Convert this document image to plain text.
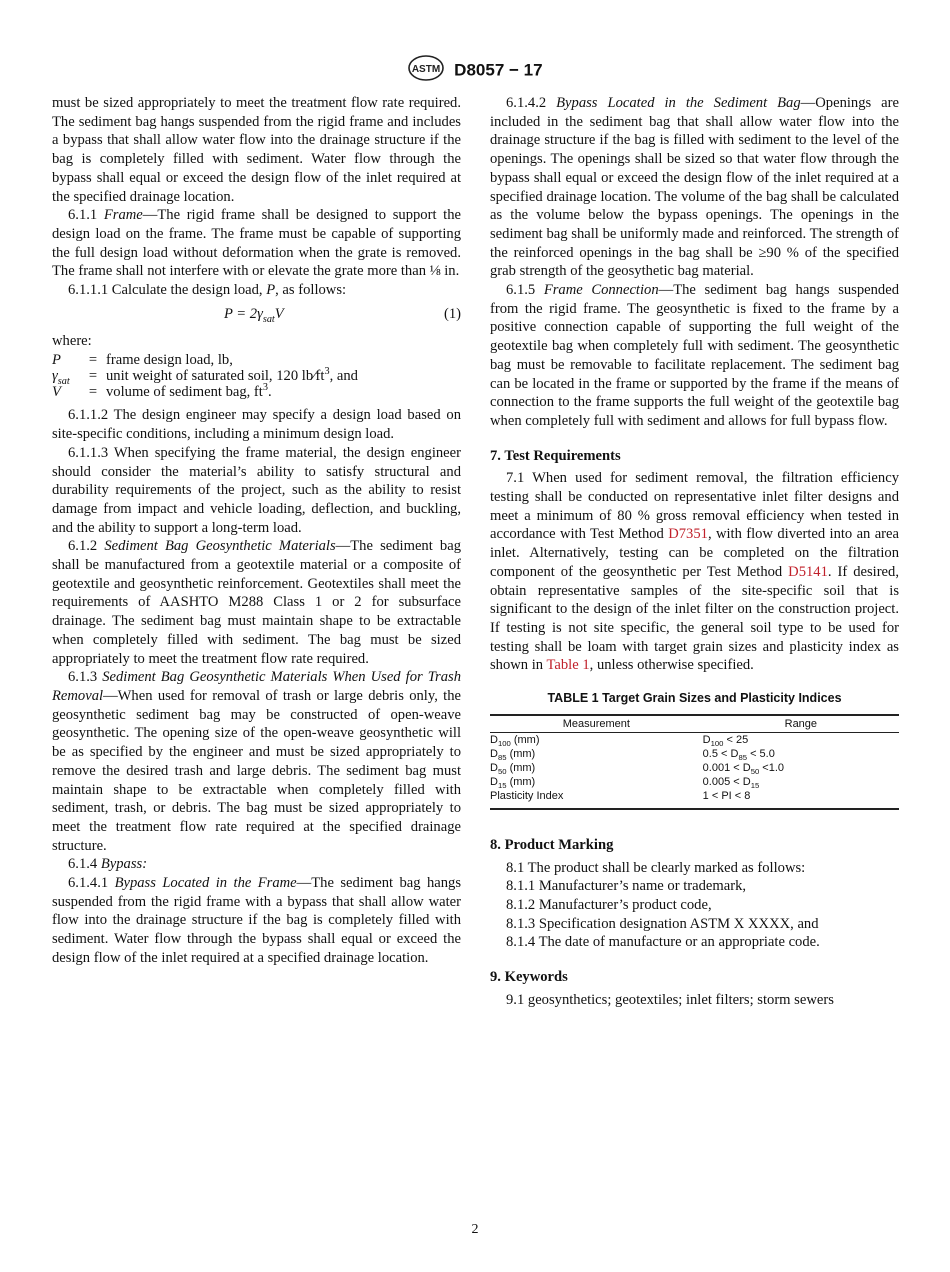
ASTM D8057 − 17

must be sized appropriately to meet the treatment flow rate required. The sediment bag hangs suspended from the rigid frame and includes a bypass that shall allow water flow into the drainage structure if the bag is completely filled with sediment. Water flow through the bypass shall equal or exceed the design flow of the inlet required at the specified drainage location.

6.1.1 Frame—The rigid frame shall be designed to support the design load on the frame. The frame must be capable of supporting the full design load without deformation when the grate is removed. The frame shall not interfere with or elevate the grate more than ⅛ in.

6.1.1.1 Calculate the design load, P, as follows:

$P = 2\gamma_{sat}V$	(1)

where:

P	=	frame design load, lb,
$\gamma_{sat}$	=	unit weight of saturated soil, 120 $lb⁄ft^3$, and
V	=	volume of sediment bag, $ft^3$.

6.1.1.2 The design engineer may specify a design load based on site-specific conditions, including a minimum design load.

6.1.1.3 When specifying the frame material, the design engineer should consider the material’s ability to satisfy structural and durability requirements of the project, such as the ability to resist damage from impact and vehicle loading, deflection, and buckling, and the ability to support a long-term load.

6.1.2 Sediment Bag Geosynthetic Materials—The sediment bag shall be manufactured from a geotextile material or a composite of geotextile and geosynthetic reinforcement. Geotextiles shall meet the requirements of AASHTO M288 Class 1 or 2 for subsurface drainage. The sediment bag must maintain shape to be extractable when completely filled with sediment. The bag must be sized appropriately to meet the treatment flow rate required.

6.1.3 Sediment Bag Geosynthetic Materials When Used for Trash Removal—When used for removal of trash or large debris only, the geosynthetic sediment bag may be constructed of open-weave geosynthetic. The opening size of the open-weave geosynthetic will be as specified by the engineer and must be sized appropriately to remove the desired trash and large debris. The sediment bag must maintain shape to be extractable when completely filled with sediment, trash, or debris. The bag must be sized appropriately to meet the treatment flow rate required at the specified drainage structure.

6.1.4 Bypass:

6.1.4.1 Bypass Located in the Frame—The sediment bag hangs suspended from the rigid frame with a bypass that shall allow water flow into the drainage structure if the bag is completely filled with sediment. Water flow through the bypass shall equal or exceed the design flow of the inlet required at a specified drainage location.

6.1.4.2 Bypass Located in the Sediment Bag—Openings are included in the sediment bag that shall allow water flow into the drainage structure if the bag is filled with sediment to the level of the openings. The openings shall be sized so that water flow through the bypass shall equal or exceed the design flow of the inlet required at a specified drainage location. The volume of the bag shall be calculated as the volume below the bypass openings. The openings in the sediment bag shall be uniformly made and reinforced. The strength of the reinforced openings in the bag shall be ≥90 % of the specified grab strength of the geosythetic bag material.

6.1.5 Frame Connection—The sediment bag hangs suspended from the rigid frame. The geosynthetic is fixed to the frame by a positive connection capable of supporting the full weight of the geotextile bag when completely full with sediment. The geosynthetic bag must be removable to facilitate replacement. The sediment bag can be located in the frame or supported by the frame if the means of connection to the frame supports the full weight of the geotextile bag when completely full with sediment and allows for full bypass flow.

7. Test Requirements

7.1 When used for sediment removal, the filtration efficiency testing shall be conducted on representative inlet filter designs and meet a minimum of 80 % gross removal efficiency when tested in accordance with Test Method D7351, with flow diverted into an area inlet. Alternatively, testing can be completed on the filtration component of the geosynthetic per Test Method D5141. If desired, obtain representative samples of the site-specific soil that is significant to the design of the inlet filter on the construction project. If testing is not site specific, the general soil type to be used for testing shall be loam with target grain sizes and plasticity index as shown in Table 1, unless otherwise specified.

TABLE 1 Target Grain Sizes and Plasticity Indices
Measurement	Range
$D_{100}$ (mm)	$D_{100} < 25$
$D_{85}$ (mm)	$0.5 < D_{85} < 5.0$
$D_{50}$ (mm)	$0.001 < D_{50} <1.0$
$D_{15}$ (mm)	$0.005 < D_{15}$
Plasticity Index	1 < PI < 8

8. Product Marking

8.1 The product shall be clearly marked as follows:

8.1.1 Manufacturer’s name or trademark,

8.1.2 Manufacturer’s product code,

8.1.3 Specification designation ASTM X XXXX, and

8.1.4 The date of manufacture or an appropriate code.

9. Keywords

9.1 geosynthetics; geotextiles; inlet filters; storm sewers

2
